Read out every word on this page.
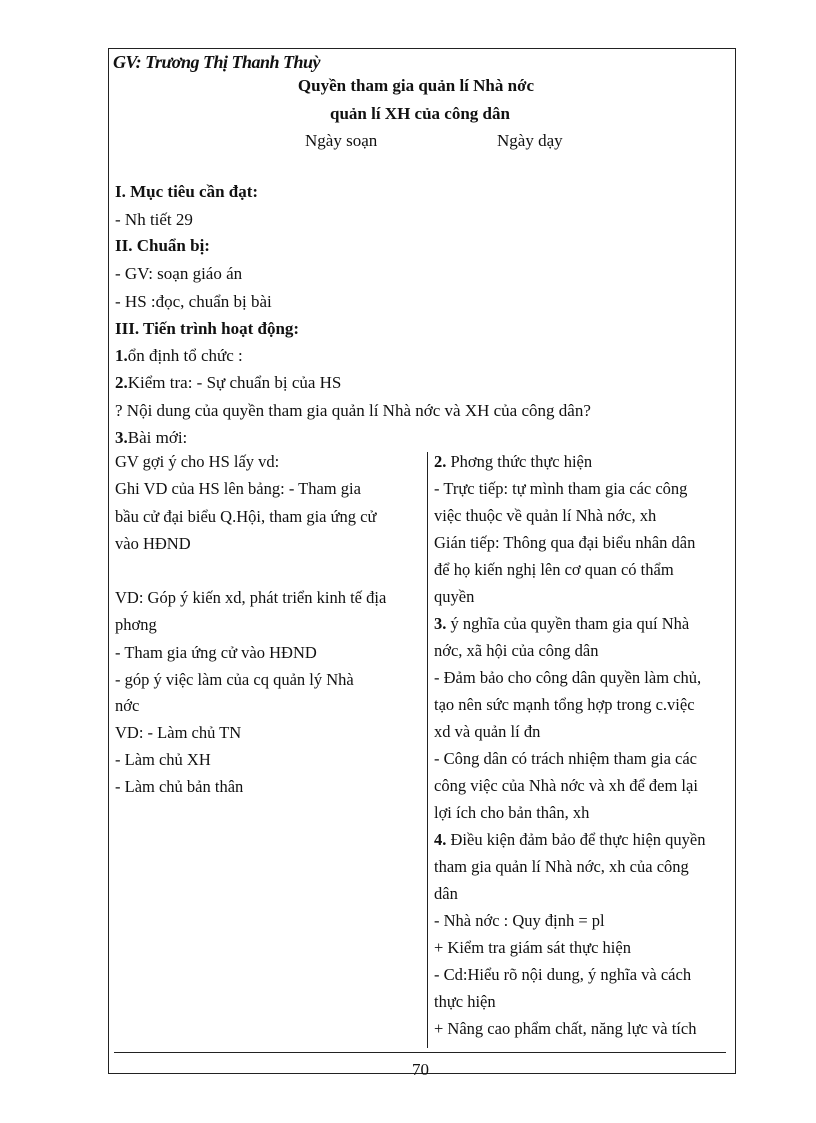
GV: Trương Thị Thanh Thuỳ
Quyền tham gia quản lí Nhà nớc
quản lí XH của công dân
Ngày soạn	Ngày dạy
I. Mục tiêu cần đạt:
- Nh tiết 29
II. Chuẩn bị:
- GV: soạn giáo án
- HS :đọc, chuẩn bị bài
III. Tiến trình hoạt động:
1.ổn định tổ chức :
2.Kiểm tra: - Sự chuẩn bị của HS
? Nội dung của quyền tham gia quản lí Nhà nớc và XH của công dân?
3.Bài mới:
GV gợi ý cho HS lấy vd:
Ghi VD của HS lên bảng: - Tham gia
bầu cử đại biểu Q.Hội, tham gia ứng cử
vào HĐND
VD: Góp ý kiến xd, phát triển kinh tế địa
phơng
- Tham gia ứng cử vào HĐND
- góp ý việc làm của cq quản lý Nhà
nớc
VD: - Làm chủ TN
- Làm chủ XH
- Làm chủ bản thân
2. Phơng thức thực hiện
- Trực tiếp: tự mình tham gia các công
việc thuộc về quản lí Nhà nớc, xh
Gián tiếp: Thông qua đại biểu nhân dân
để họ kiến nghị lên cơ quan có thẩm
quyền
3. ý nghĩa của quyền tham gia quí Nhà
nớc, xã hội của công dân
- Đảm bảo cho công dân quyền làm chủ,
tạo nên sức mạnh tổng hợp trong c.việc
xd và quản lí đn
- Công dân có trách nhiệm tham gia các
công việc của Nhà nớc và xh để đem lại
lợi ích cho bản thân, xh
4. Điều kiện đảm bảo để thực hiện quyền
tham gia quản lí Nhà nớc, xh của công
dân
- Nhà nớc : Quy định = pl
+ Kiểm tra giám sát thực hiện
- Cd:Hiểu rõ nội dung, ý nghĩa và cách
thực hiện
+ Nâng cao phẩm chất, năng lực và tích
70
